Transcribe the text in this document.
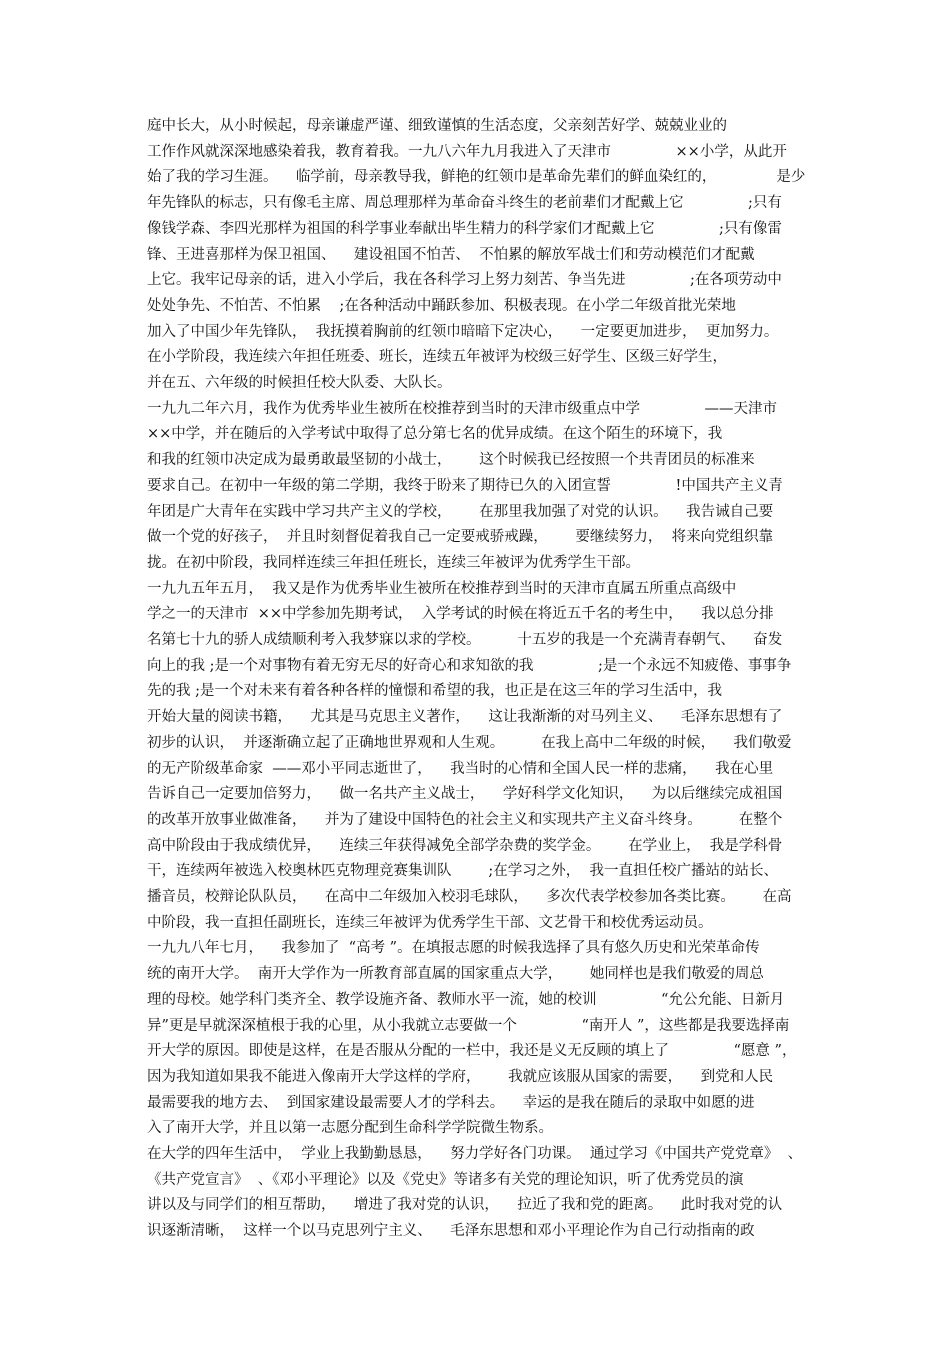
庭中长大，从小时候起，母亲谦虚严谨、细致谨慎的生活态度，父亲刻苦好学、兢兢业业的
工作作风就深深地感染着我，教育着我。一九八六年九月我进入了天津市              ××小学，从此开
始了我的学习生涯。    临学前，母亲教导我，鲜艳的红领巾是革命先辈们的鲜血染红的，             是少
年先锋队的标志，只有像毛主席、周总理那样为革命奋斗终生的老前辈们才配戴上它              ;只有
像钱学森、李四光那样为祖国的科学事业奉献出毕生精力的科学家们才配戴上它              ;只有像雷
锋、王进喜那样为保卫祖国、    建设祖国不怕苦、  不怕累的解放军战士们和劳动模范们才配戴
上它。我牢记母亲的话，进入小学后，我在各科学习上努力刻苦、争当先进              ;在各项劳动中
处处争先、不怕苦、不怕累    ;在各种活动中踊跃参加、积极表现。在小学二年级首批光荣地
加入了中国少年先锋队，  我抚摸着胸前的红领巾暗暗下定决心，    一定要更加进步，  更加努力。
在小学阶段，我连续六年担任班委、班长，连续五年被评为校级三好学生、区级三好学生，
并在五、六年级的时候担任校大队委、大队长。
一九九二年六月，我作为优秀毕业生被所在校推荐到当时的天津市级重点中学              ——天津市
××中学，并在随后的入学考试中取得了总分第七名的优异成绩。在这个陌生的环境下，我
和我的红领巾决定成为最勇敢最坚韧的小战士，      这个时候我已经按照一个共青团员的标准来
要求自己。在初中一年级的第二学期，我终于盼来了期待已久的入团宣誓              !中国共产主义青
年团是广大青年在实践中学习共产主义的学校，      在那里我加强了对党的认识。    我告诫自己要
做一个党的好孩子，  并且时刻督促着我自己一定要戒骄戒躁，      要继续努力，  将来向党组织靠
拢。在初中阶段，我同样连续三年担任班长，连续三年被评为优秀学生干部。
一九九五年五月，  我又是作为优秀毕业生被所在校推荐到当时的天津市直属五所重点高级中
学之一的天津市  ××中学参加先期考试，  入学考试的时候在将近五千名的考生中，    我以总分排
名第七十九的骄人成绩顺利考入我梦寐以求的学校。        十五岁的我是一个充满青春朝气、    奋发
向上的我 ;是一个对事物有着无穷无尽的好奇心和求知欲的我              ;是一个永远不知疲倦、事事争
先的我 ;是一个对未来有着各种各样的憧憬和希望的我，也正是在这三年的学习生活中，我
开始大量的阅读书籍，    尤其是马克思主义著作，    这让我渐渐的对马列主义、    毛泽东思想有了
初步的认识，  并逐渐确立起了正确地世界观和人生观。        在我上高中二年级的时候，    我们敬爱
的无产阶级革命家  ——邓小平同志逝世了，    我当时的心情和全国人民一样的悲痛，    我在心里
告诉自己一定要加倍努力，    做一名共产主义战士，    学好科学文化知识，    为以后继续完成祖国
的改革开放事业做准备，    并为了建设中国特色的社会主义和实现共产主义奋斗终身。        在整个
高中阶段由于我成绩优异，    连续三年获得减免全部学杂费的奖学金。      在学业上，  我是学科骨
干，连续两年被选入校奥林匹克物理竞赛集训队        ;在学习之外，  我一直担任校广播站的站长、
播音员，校辩论队队员，    在高中二年级加入校羽毛球队，    多次代表学校参加各类比赛。      在高
中阶段，我一直担任副班长，连续三年被评为优秀学生干部、文艺骨干和校优秀运动员。
一九九八年七月，    我参加了  “高考 ”。在填报志愿的时候我选择了具有悠久历史和光荣革命传
统的南开大学。  南开大学作为一所教育部直属的国家重点大学，      她同样也是我们敬爱的周总
理的母校。她学科门类齐全、教学设施齐备、教师水平一流，她的校训              “允公允能、日新月
异”更是早就深深植根于我的心里，从小我就立志要做一个              “南开人 ”，这些都是我要选择南
开大学的原因。即使是这样，在是否服从分配的一栏中，我还是义无反顾的填上了              “愿意 ”，
因为我知道如果我不能进入像南开大学这样的学府，      我就应该服从国家的需要，    到党和人民
最需要我的地方去、  到国家建设最需要人才的学科去。    幸运的是我在随后的录取中如愿的进
入了南开大学，并且以第一志愿分配到生命科学学院微生物系。
在大学的四年生活中，  学业上我勤勤恳恳，    努力学好各门功课。  通过学习《中国共产党党章》  、
《共产党宣言》  、《邓小平理论》以及《党史》等诸多有关党的理论知识，听了优秀党员的演
讲以及与同学们的相互帮助，    增进了我对党的认识，    拉近了我和党的距离。    此时我对党的认
识逐渐清晰，  这样一个以马克思列宁主义、    毛泽东思想和邓小平理论作为自己行动指南的政
